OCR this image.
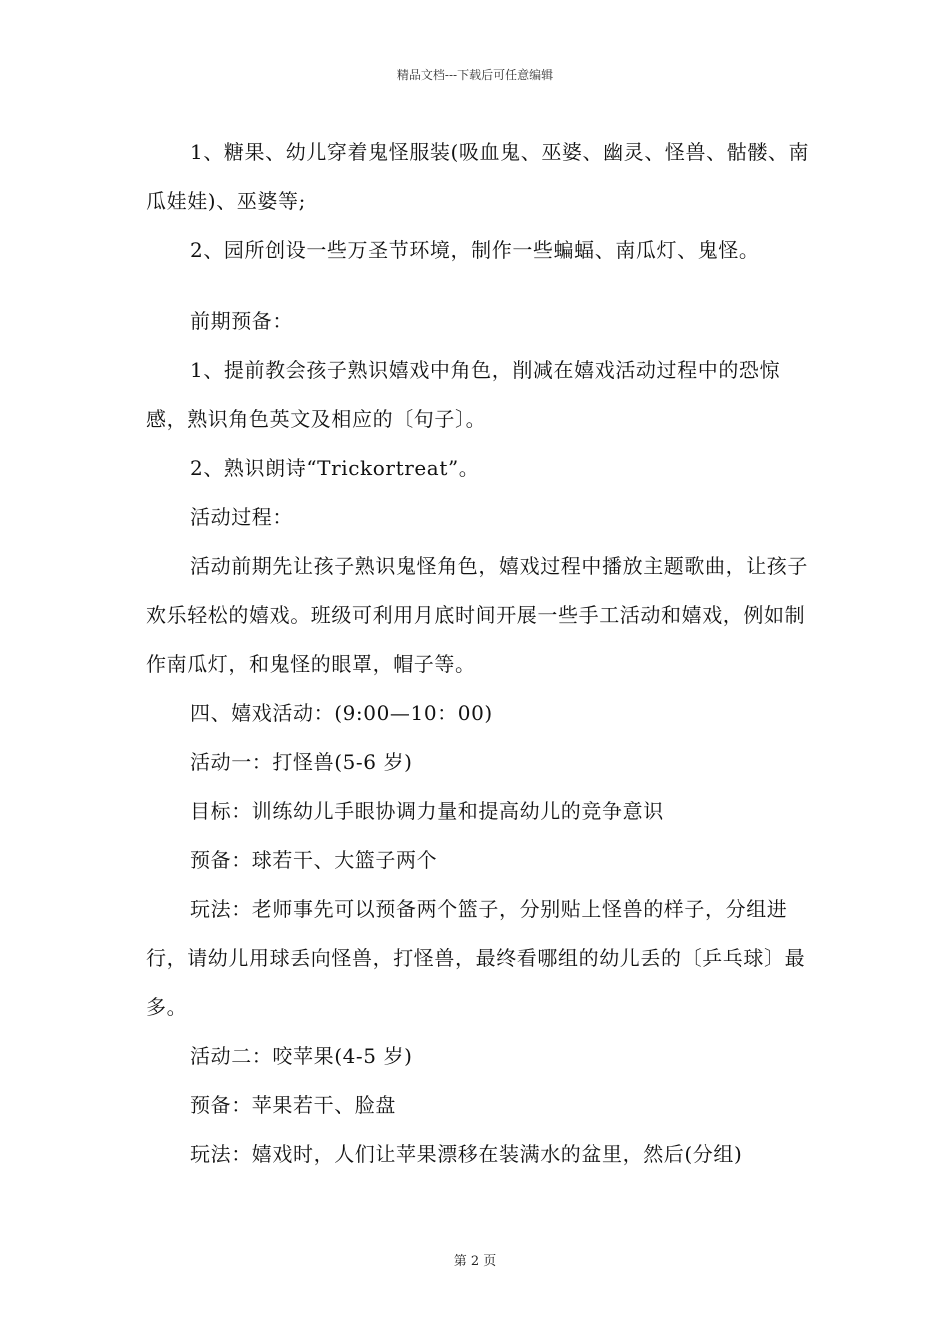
精品文档---下载后可任意编辑

1、糖果、幼儿穿着鬼怪服装(吸血鬼、巫婆、幽灵、怪兽、骷髅、南瓜娃娃)、巫婆等;

2、园所创设一些万圣节环境，制作一些蝙蝠、南瓜灯、鬼怪。

前期预备：

1、提前教会孩子熟识嬉戏中角色，削减在嬉戏活动过程中的恐惊感，熟识角色英文及相应的〔句子〕。

2、熟识朗诗“Trickortreat”。

活动过程：

活动前期先让孩子熟识鬼怪角色，嬉戏过程中播放主题歌曲，让孩子欢乐轻松的嬉戏。班级可利用月底时间开展一些手工活动和嬉戏，例如制作南瓜灯，和鬼怪的眼罩，帽子等。

四、嬉戏活动：(9:00—10：00)

活动一：打怪兽(5-6 岁)

目标：训练幼儿手眼协调力量和提高幼儿的竞争意识

预备：球若干、大篮子两个

玩法：老师事先可以预备两个篮子，分别贴上怪兽的样子，分组进行，请幼儿用球丢向怪兽，打怪兽，最终看哪组的幼儿丢的〔乒乓球〕最多。

活动二：咬苹果(4-5 岁)

预备：苹果若干、脸盘

玩法：嬉戏时，人们让苹果漂移在装满水的盆里，然后(分组)

第 2 页
